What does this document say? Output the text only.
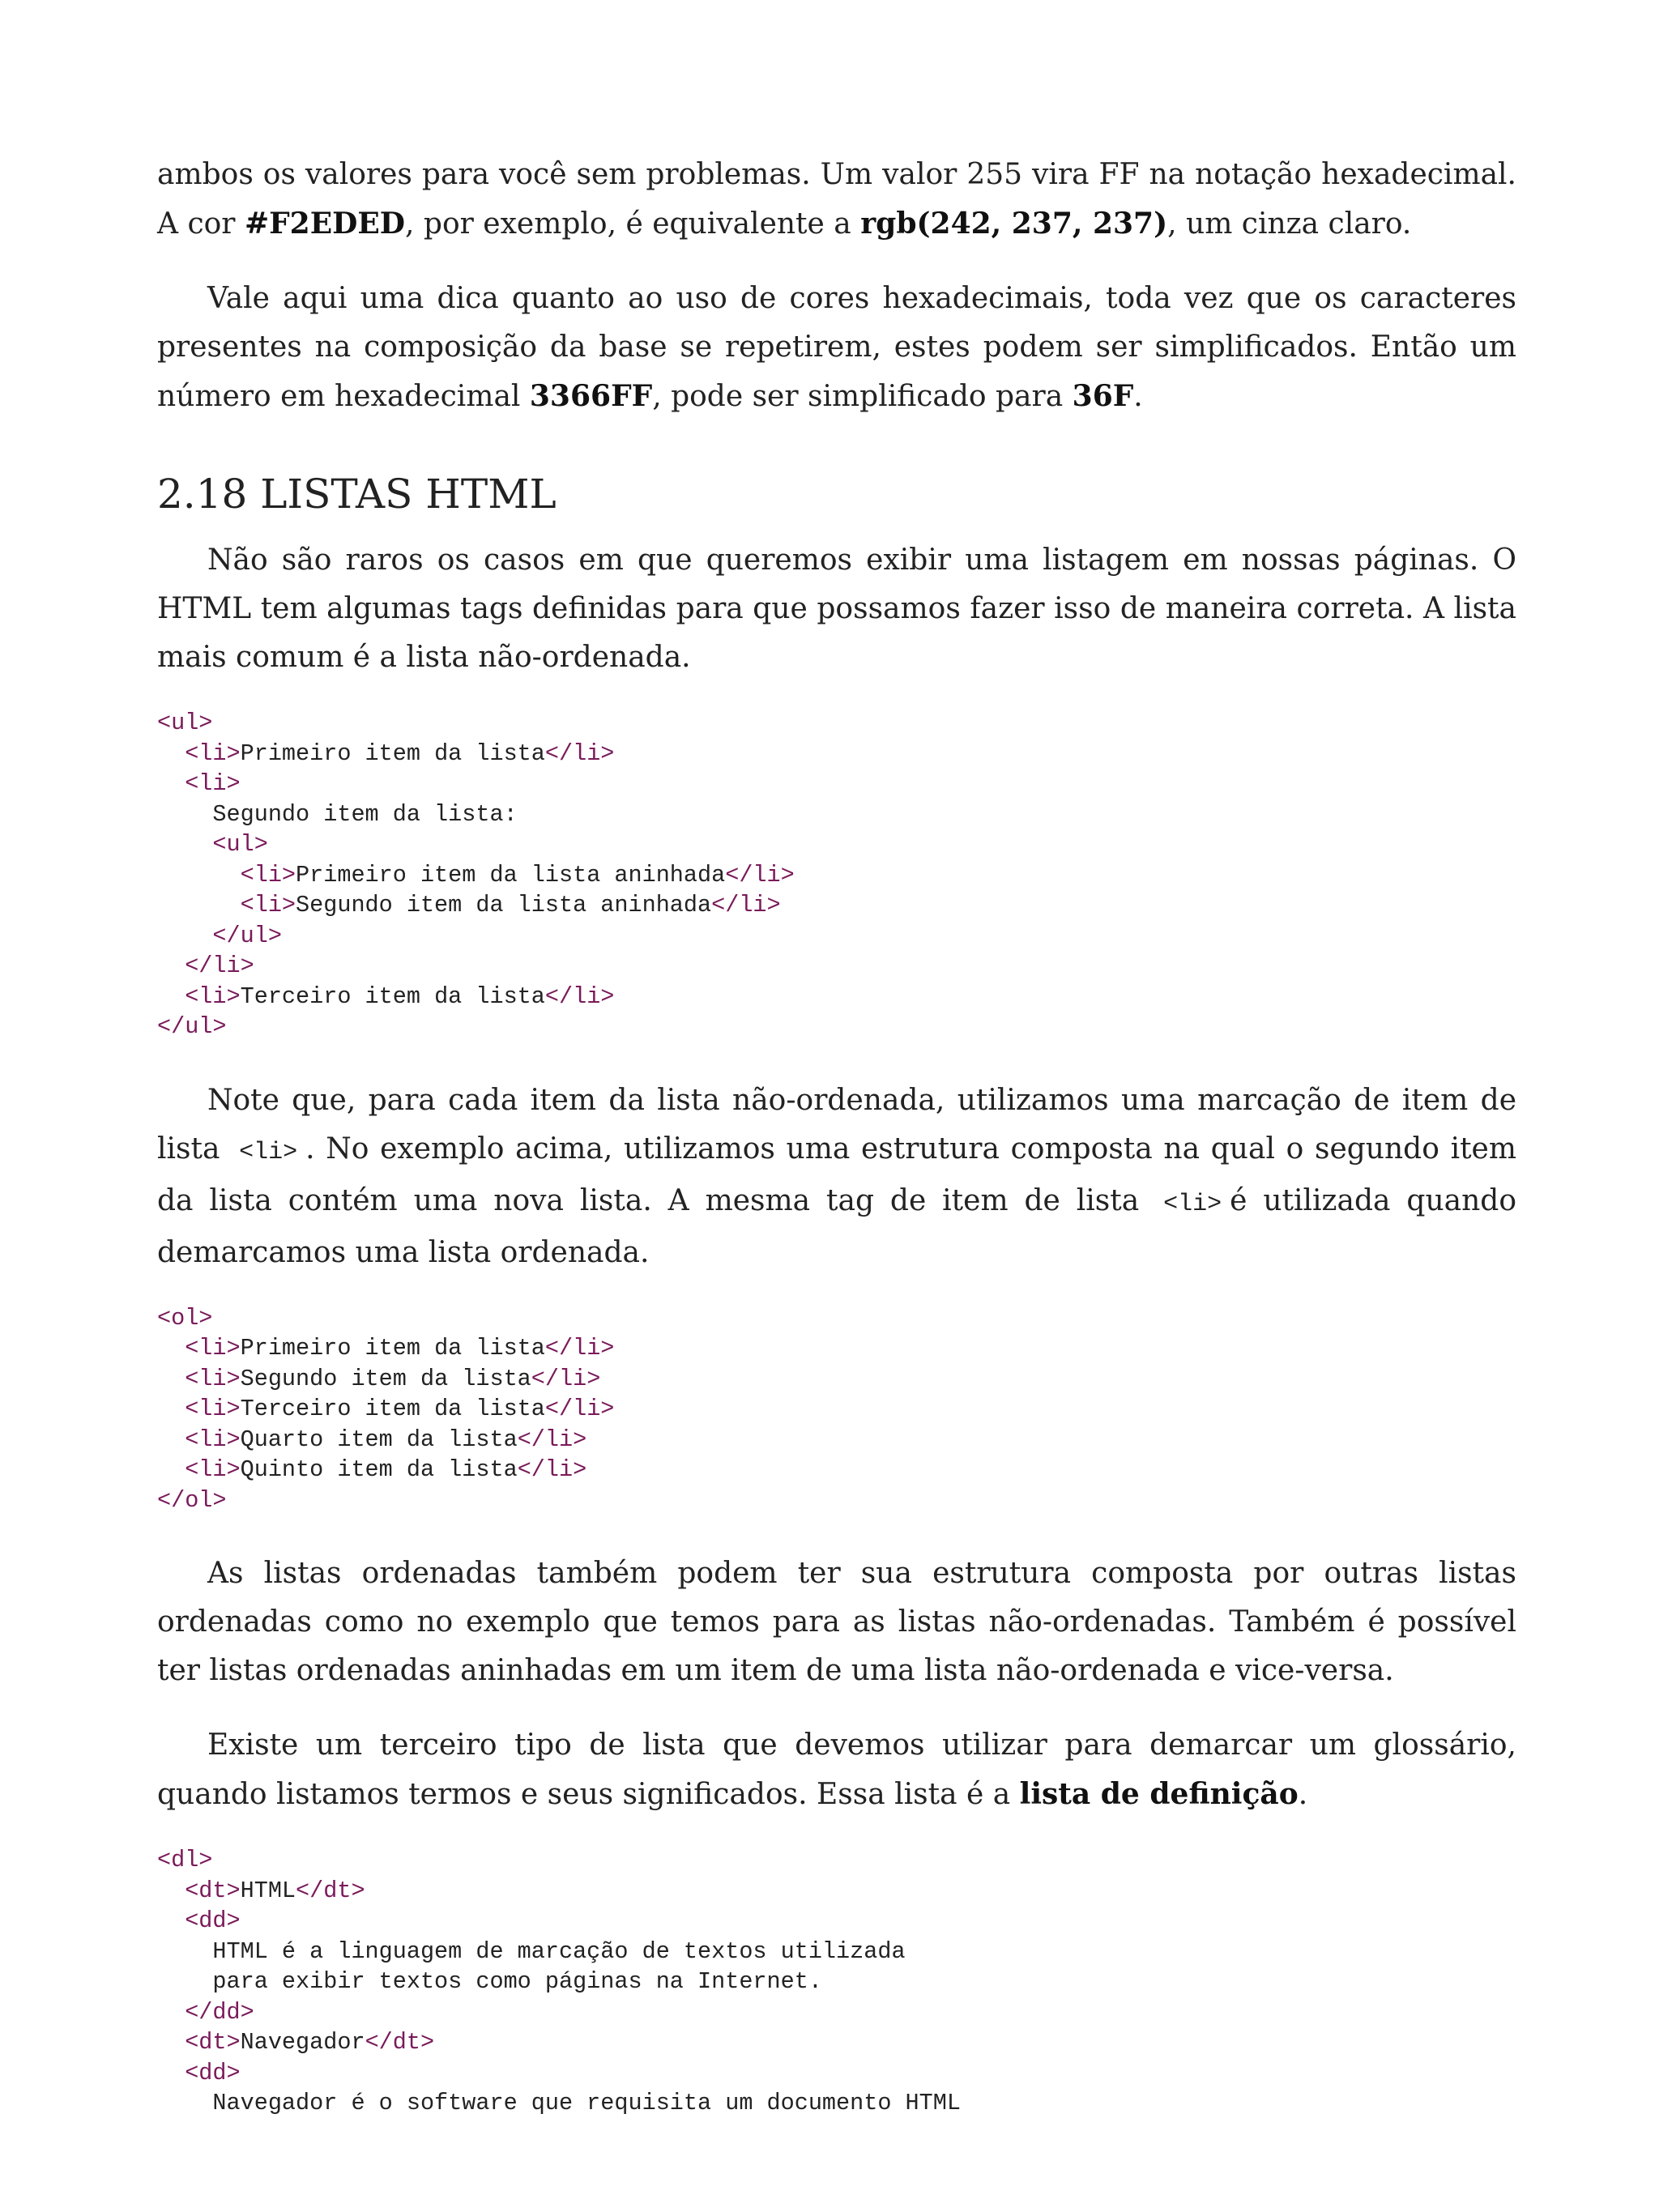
ambos os valores para você sem problemas. Um valor 255 vira FF na notação hexadecimal. A cor #F2EDED, por exemplo, é equivalente a rgb(242, 237, 237), um cinza claro.

Vale aqui uma dica quanto ao uso de cores hexadecimais, toda vez que os caracteres presentes na composição da base se repetirem, estes podem ser simplificados. Então um número em hexadecimal 3366FF, pode ser simplificado para 36F.

2.18 LISTAS HTML

Não são raros os casos em que queremos exibir uma listagem em nossas páginas. O HTML tem algumas tags definidas para que possamos fazer isso de maneira correta. A lista mais comum é a lista não-ordenada.

<ul>
<li>Primeiro item da lista</li>
<li>
Segundo item da lista:
<ul>
<li>Primeiro item da lista aninhada</li>
<li>Segundo item da lista aninhada</li>
</ul>
</li>
<li>Terceiro item da lista</li>
</ul>

Note que, para cada item da lista não-ordenada, utilizamos uma marcação de item de lista <li> . No exemplo acima, utilizamos uma estrutura composta na qual o segundo item da lista contém uma nova lista. A mesma tag de item de lista <li> é utilizada quando demarcamos uma lista ordenada.

<ol>
<li>Primeiro item da lista</li>
<li>Segundo item da lista</li>
<li>Terceiro item da lista</li>
<li>Quarto item da lista</li>
<li>Quinto item da lista</li>
</ol>

As listas ordenadas também podem ter sua estrutura composta por outras listas ordenadas como no exemplo que temos para as listas não-ordenadas. Também é possível ter listas ordenadas aninhadas em um item de uma lista não-ordenada e vice-versa.

Existe um terceiro tipo de lista que devemos utilizar para demarcar um glossário, quando listamos termos e seus significados. Essa lista é a lista de definição.

<dl>
<dt>HTML</dt>
<dd>
HTML é a linguagem de marcação de textos utilizada
para exibir textos como páginas na Internet.
</dd>
<dt>Navegador</dt>
<dd>
Navegador é o software que requisita um documento HTML
